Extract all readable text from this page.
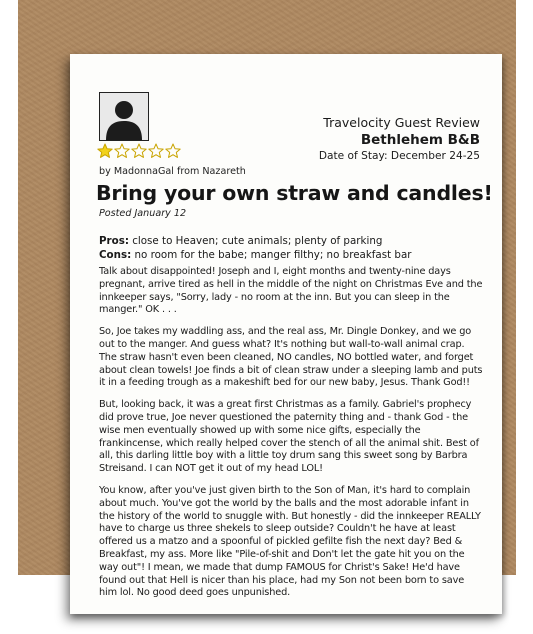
by MadonnaGal from Nazareth
Travelocity Guest Review
Bethlehem B&B
Date of Stay: December 24-25
Bring your own straw and candles!
Posted January 12
Pros: close to Heaven; cute animals; plenty of parking
Cons: no room for the babe; manger filthy; no breakfast bar

Talk about disappointed! Joseph and I, eight months and twenty-nine days pregnant, arrive tired as hell in the middle of the night on Christmas Eve and the innkeeper says, "Sorry, lady - no room at the inn. But you can sleep in the manger." OK . . .

So, Joe takes my waddling ass, and the real ass, Mr. Dingle Donkey, and we go out to the manger. And guess what? It's nothing but wall-to-wall animal crap. The straw hasn't even been cleaned, NO candles, NO bottled water, and forget about clean towels! Joe finds a bit of clean straw under a sleeping lamb and puts it in a feeding trough as a makeshift bed for our new baby, Jesus. Thank God!!

But, looking back, it was a great first Christmas as a family. Gabriel's prophecy did prove true, Joe never questioned the paternity thing and - thank God - the wise men eventually showed up with some nice gifts, especially the frankincense, which really helped cover the stench of all the animal shit. Best of all, this darling little boy with a little toy drum sang this sweet song by Barbra Streisand. I can NOT get it out of my head LOL!

You know, after you've just given birth to the Son of Man, it's hard to complain about much. You've got the world by the balls and the most adorable infant in the history of the world to snuggle with. But honestly - did the innkeeper REALLY have to charge us three shekels to sleep outside? Couldn't he have at least offered us a matzo and a spoonful of pickled gefilte fish the next day? Bed & Breakfast, my ass. More like "Pile-of-shit and Don't let the gate hit you on the way out"! I mean, we made that dump FAMOUS for Christ's Sake! He'd have found out that Hell is nicer than his place, had my Son not been born to save him lol. No good deed goes unpunished.
